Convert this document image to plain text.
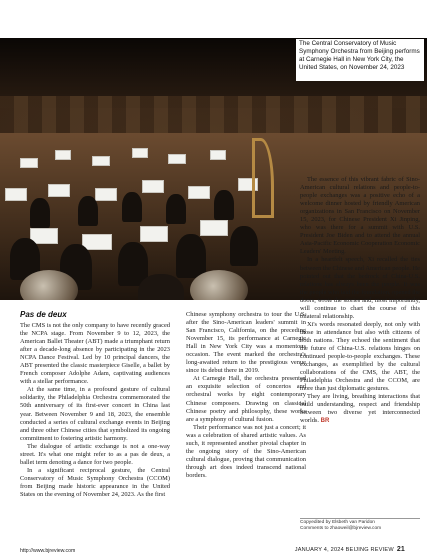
The Central Conservatory of Music Symphony Orchestra from Beijing performs at Carnegie Hall in New York City, the United States, on November 24, 2023

The essence of this vibrant fabric of Sino-American cultural relations and people-to-people exchanges was a positive echo of a welcome dinner hosted by friendly American organizations in San Francisco on November 15, 2023, for Chinese President Xi Jinping, who was there for a summit with U.S. President Joe Biden and to attend the annual Asia-Pacific Economic Cooperation Economic Leaders' Meeting.

In a heartfelt speech, Xi recalled the ties between the Chinese and American people. He pointed out that the bedrock of China-U.S. relations has always been the people. It was the people who laid the foundation, opened the doors, wrote the stories and, most importantly, will continue to chart the course of this bilateral relationship.

Xi's words resonated deeply, not only with those in attendance but also with citizens of both nations. They echoed the sentiment that the future of China-U.S. relations hinges on continued people-to-people exchanges. These exchanges, as exemplified by the cultural collaborations of the CMS, the ABT, the Philadelphia Orchestra and the CCOM, are more than just diplomatic gestures.

They are living, breathing interactions that build understanding, respect and friendship between two diverse yet interconnected worlds. BR

Pas de deux

The CMS is not the only company to have recently graced the NCPA stage. From November 9 to 12, 2023, the American Ballet Theater (ABT) made a triumphant return after a decade-long absence by participating in the 2023 NCPA Dance Festival. Led by 10 principal dancers, the ABT presented the classic masterpiece Giselle, a ballet by French composer Adolphe Adam, captivating audiences with a stellar performance.

At the same time, in a profound gesture of cultural solidarity, the Philadelphia Orchestra commemorated the 50th anniversary of its first-ever concert in China last year. Between November 9 and 18, 2023, the ensemble conducted a series of cultural exchange events in Beijing and three other Chinese cities that symbolized its ongoing commitment to fostering artistic harmony.

The dialogue of artistic exchange is not a one-way street. It's what one might refer to as a pas de deux, a ballet term denoting a dance for two people.

In a significant reciprocal gesture, the Central Conservatory of Music Symphony Orchestra (CCOM) from Beijing made historic appearance in the United States on the evening of November 24, 2023. As the first

Chinese symphony orchestra to tour the U.S. after the Sino-American leaders' summit in San Francisco, California, on the preceding November 15, its performance at Carnegie Hall in New York City was a momentous occasion. The event marked the orchestra's long-awaited return to the prestigious venue since its debut there in 2019.

At Carnegie Hall, the orchestra presented an exquisite selection of concertos and orchestral works by eight contemporary Chinese composers. Drawing on classical Chinese poetry and philosophy, these works are a symphony of cultural fusion.

Their performance was not just a concert; it was a celebration of shared artistic values. As such, it represented another pivotal chapter in the ongoing story of the Sino-American cultural dialogue, proving that communication through art does indeed transcend national borders.

Copyedited by Elsbeth van Paridon
Comments to zhaoweil@bjreview.com
http://www.bjreview.com	JANUARY 4, 2024 BEIJING REVIEW 21
